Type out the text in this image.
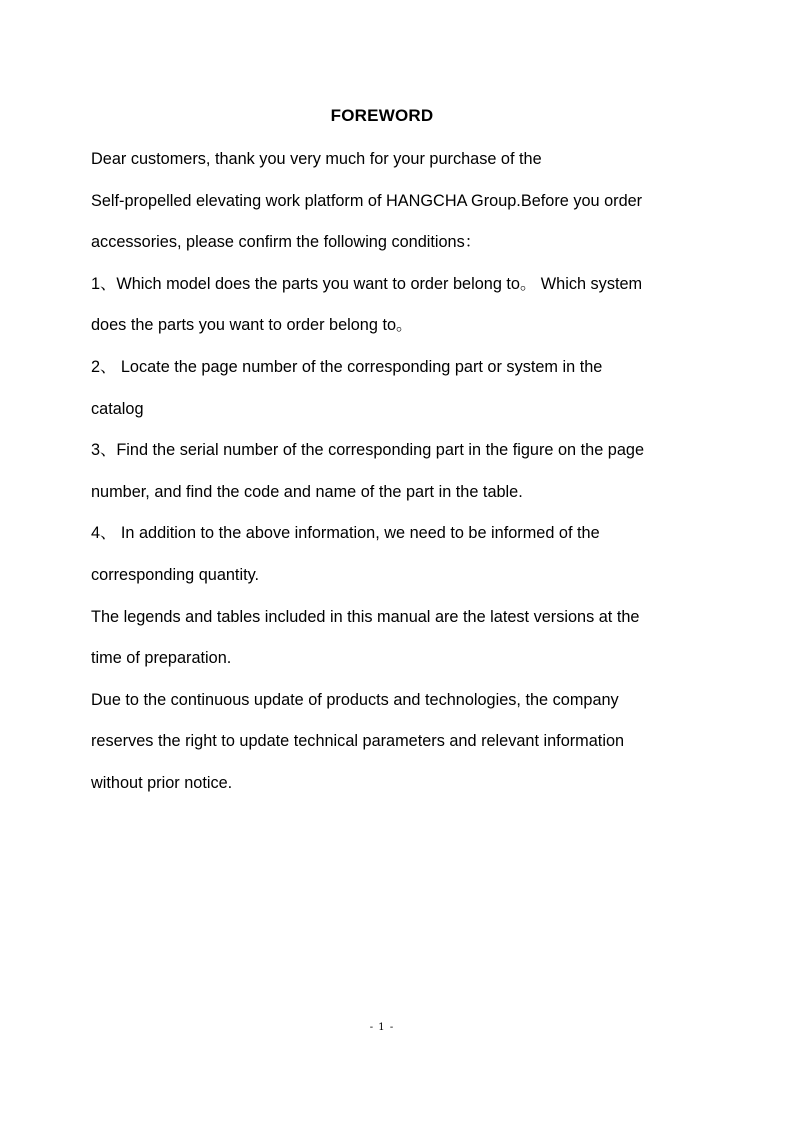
FOREWORD
Dear customers, thank you very much for your purchase of the
Self-propelled elevating work platform of HANGCHA Group.Before you order
accessories, please confirm the following conditions：
1、Which model does the parts you want to order belong to。 Which system
does the parts you want to order belong to。
2、 Locate the page number of the corresponding part or system in the
catalog
3、Find the serial number of the corresponding part in the figure on the page
number, and find the code and name of the part in the table.
4、 In addition to the above information, we need to be informed of the
corresponding quantity.
The legends and tables included in this manual are the latest versions at the
time of preparation.
Due to the continuous update of products and technologies, the company
reserves the right to update technical parameters and relevant information
without prior notice.
- 1 -
